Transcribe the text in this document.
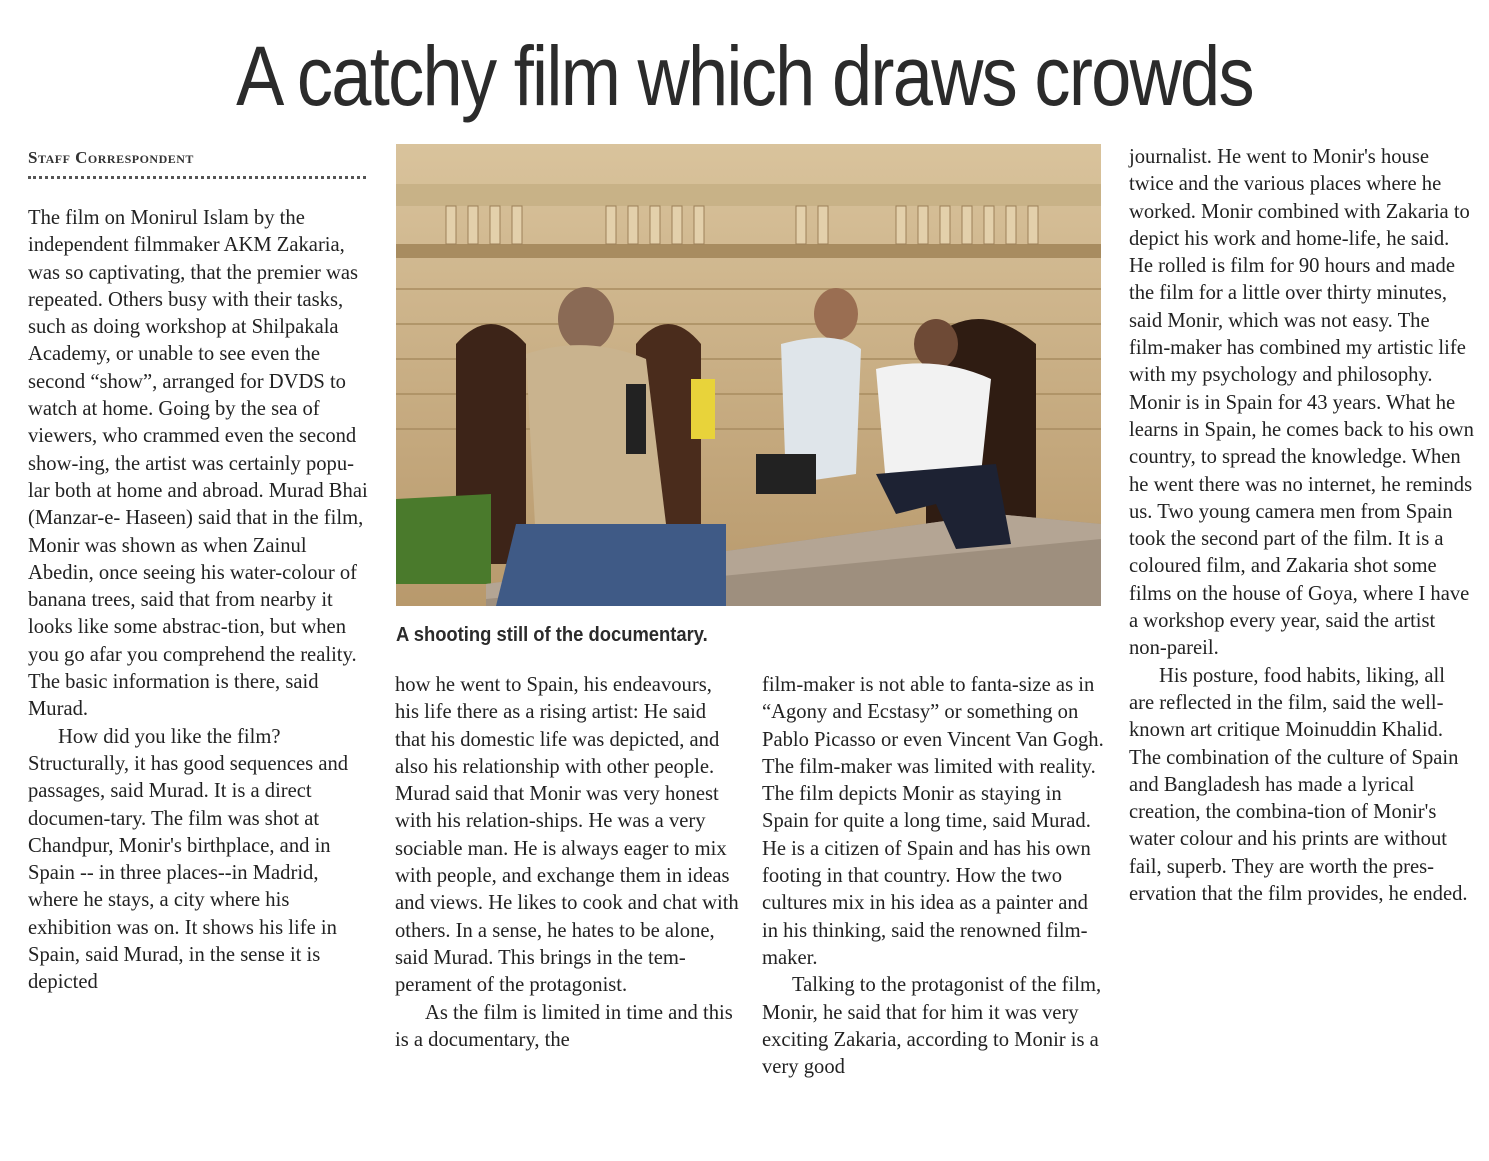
A catchy film which draws crowds
Staff Correspondent

The film on Monirul Islam by the independent filmmaker AKM Zakaria, was so captivating, that the premier was repeated. Others busy with their tasks, such as doing workshop at Shilpakala Academy, or unable to see even the second “show”, arranged for DVDS to watch at home. Going by the sea of viewers, who crammed even the second show-ing, the artist was certainly popu-lar both at home and abroad. Murad Bhai (Manzar-e- Haseen) said that in the film, Monir was shown as when Zainul Abedin, once seeing his water-colour of banana trees, said that from nearby it looks like some abstrac-tion, but when you go afar you comprehend the reality. The basic information is there, said Murad.

How did you like the film? Structurally, it has good sequences and passages, said Murad. It is a direct documen-tary. The film was shot at Chandpur, Monir's birthplace, and in Spain -- in three places--in Madrid, where he stays, a city where his exhibition was on. It shows his life in Spain, said Murad, in the sense it is depicted

A shooting still of the documentary.

how he went to Spain, his endeavours, his life there as a rising artist: He said that his domestic life was depicted, and also his relationship with other people. Murad said that Monir was very honest with his relation-ships. He was a very sociable man. He is always eager to mix with people, and exchange them in ideas and views. He likes to cook and chat with others. In a sense, he hates to be alone, said Murad. This brings in the tem-perament of the protagonist.

As the film is limited in time and this is a documentary, the

film-maker is not able to fanta-size as in “Agony and Ecstasy” or something on Pablo Picasso or even Vincent Van Gogh. The film-maker was limited with reality. The film depicts Monir as staying in Spain for quite a long time, said Murad. He is a citizen of Spain and has his own footing in that country. How the two cultures mix in his idea as a painter and in his thinking, said the renowned film-maker.

Talking to the protagonist of the film, Monir, he said that for him it was very exciting Zakaria, according to Monir is a very good

journalist. He went to Monir's house twice and the various places where he worked. Monir combined with Zakaria to depict his work and home-life, he said. He rolled is film for 90 hours and made the film for a little over thirty minutes, said Monir, which was not easy. The film-maker has combined my artistic life with my psychology and philosophy. Monir is in Spain for 43 years. What he learns in Spain, he comes back to his own country, to spread the knowledge. When he went there was no internet, he reminds us. Two young camera men from Spain took the second part of the film. It is a coloured film, and Zakaria shot some films on the house of Goya, where I have a workshop every year, said the artist non-pareil.

His posture, food habits, liking, all are reflected in the film, said the well-known art critique Moinuddin Khalid. The combination of the culture of Spain and Bangladesh has made a lyrical creation, the combina-tion of Monir's water colour and his prints are without fail, superb. They are worth the pres-ervation that the film provides, he ended.
